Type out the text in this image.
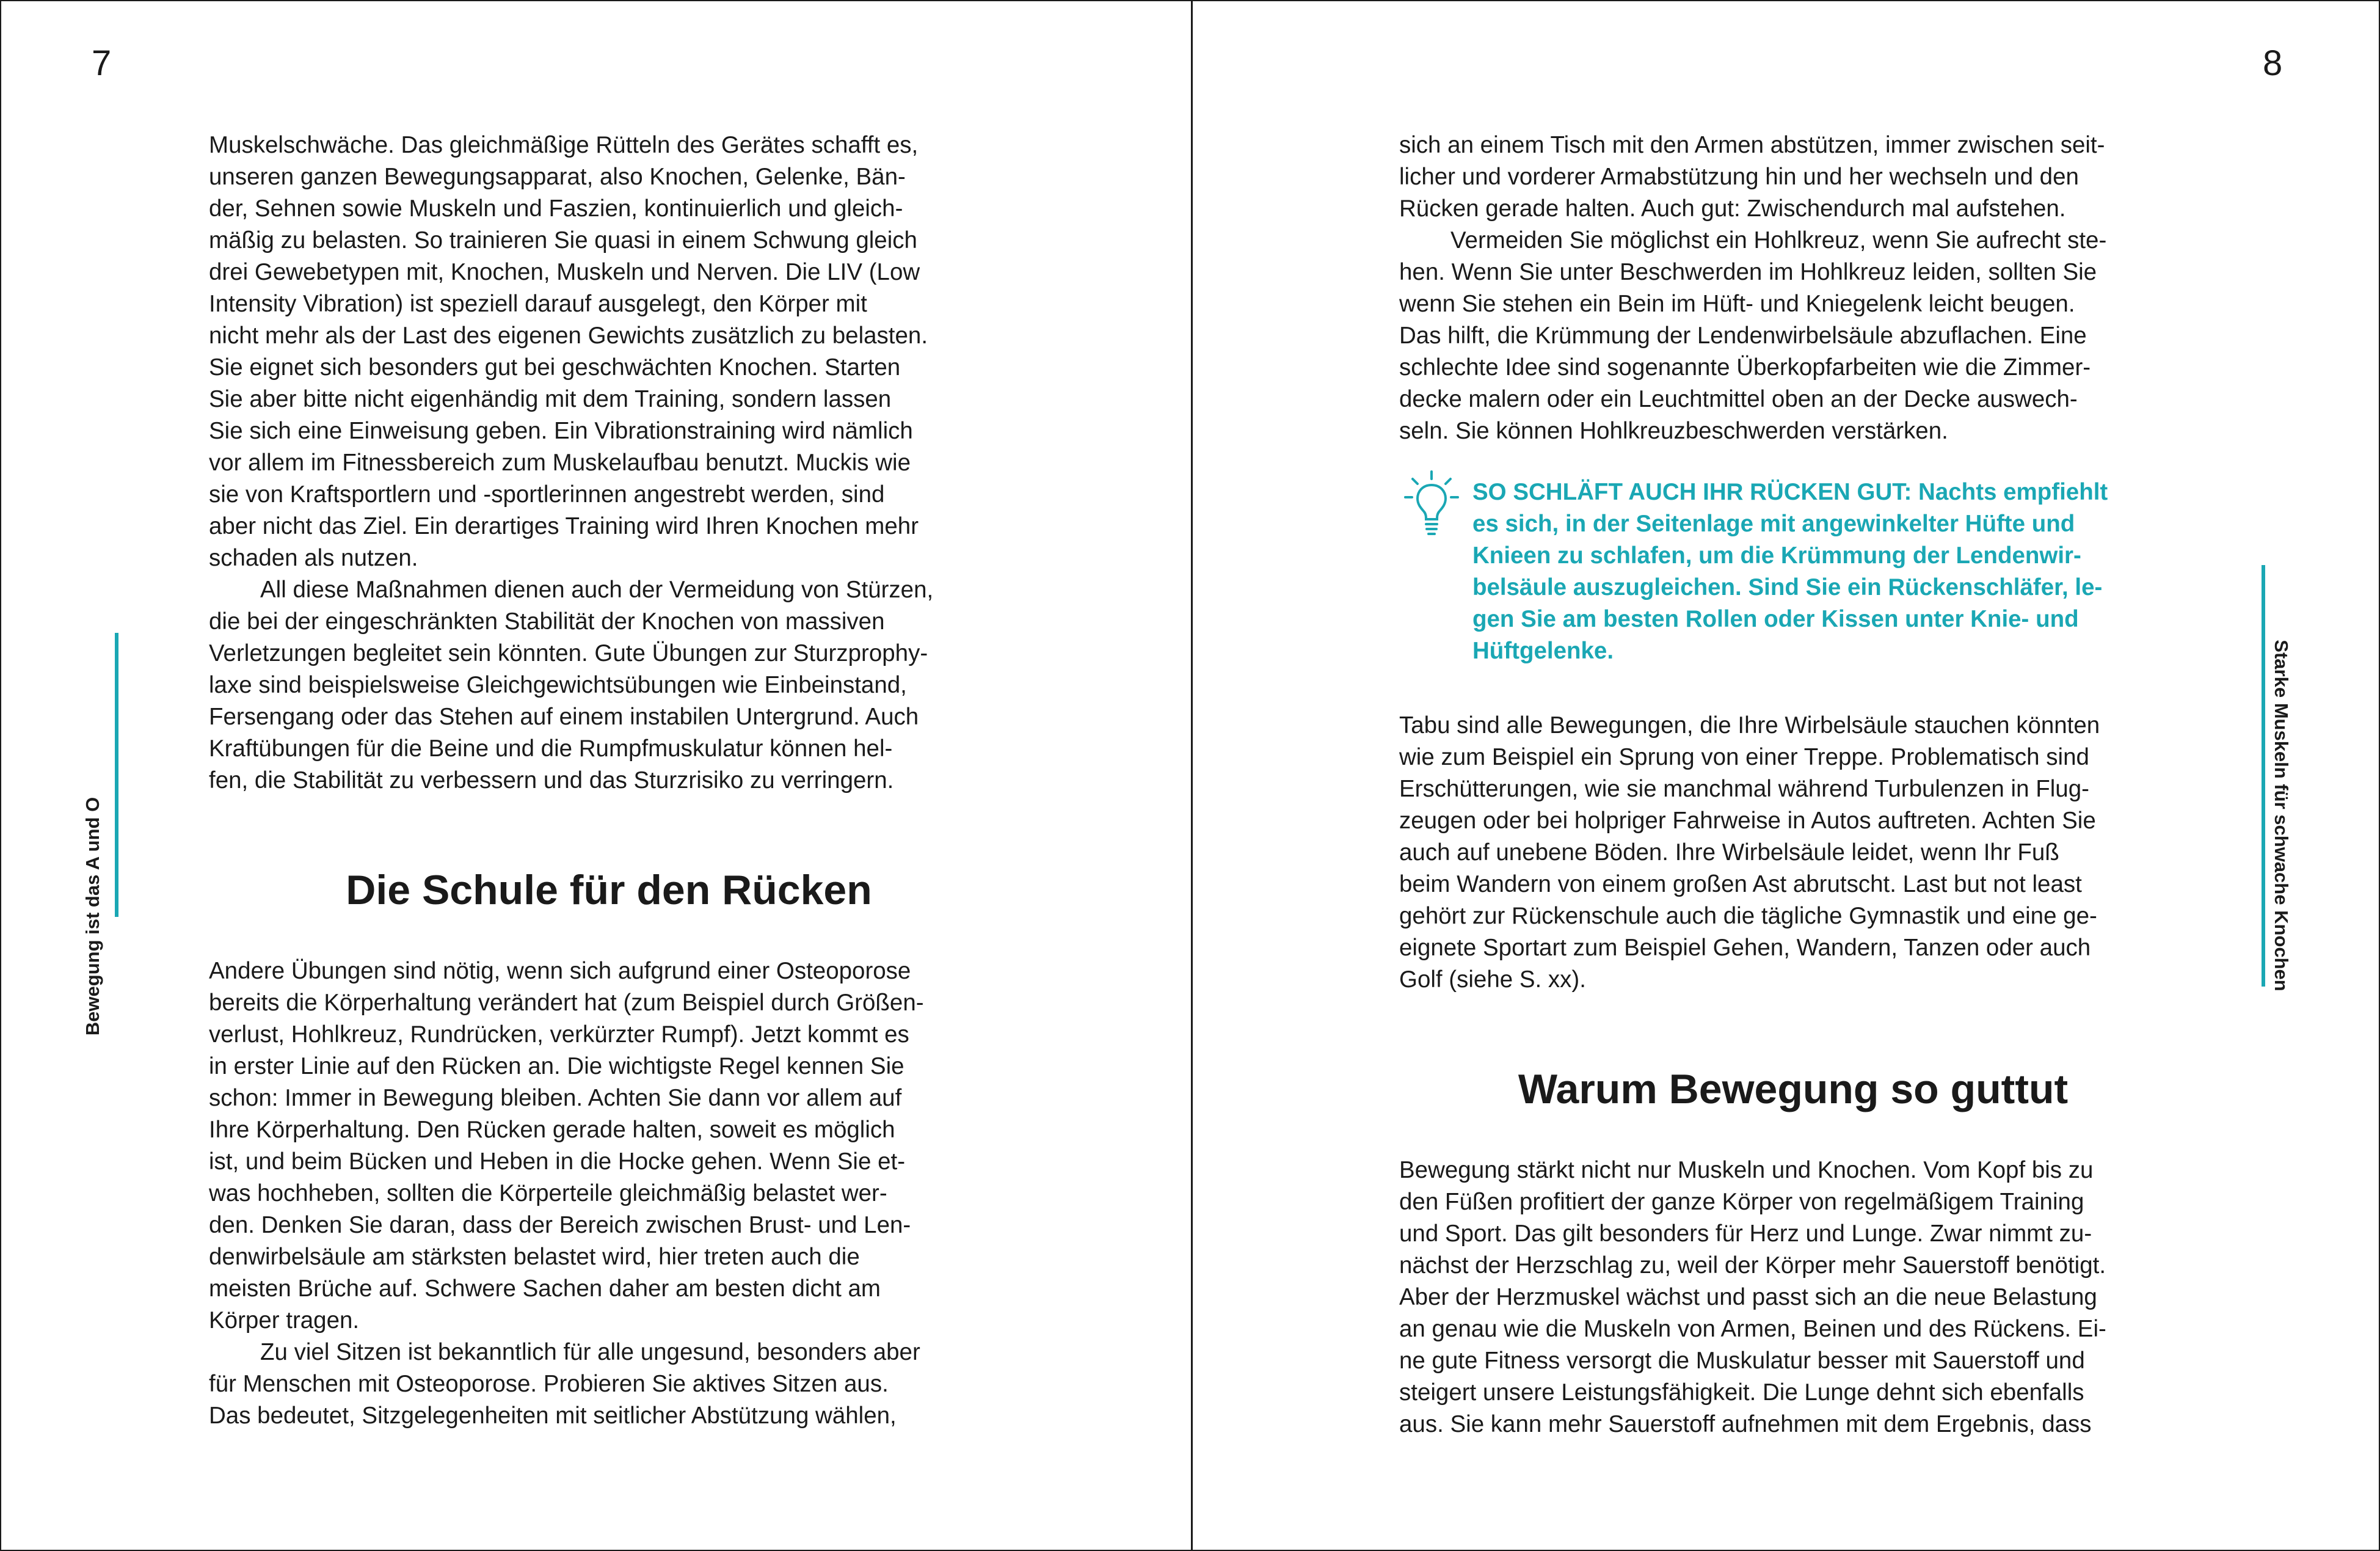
7
Bewegung ist das A und O

Muskelschwäche. Das gleichmäßige Rütteln des Gerätes schafft es,
unseren ganzen Bewegungsapparat, also Knochen, Gelenke, Bän-
der, Sehnen sowie Muskeln und Faszien, kontinuierlich und gleich-
mäßig zu belasten. So trainieren Sie quasi in einem Schwung gleich
drei Gewebetypen mit, Knochen, Muskeln und Nerven. Die LIV (Low
Intensity Vibration) ist speziell darauf ausgelegt, den Körper mit
nicht mehr als der Last des eigenen Gewichts zusätzlich zu belasten.
Sie eignet sich besonders gut bei geschwächten Knochen. Starten
Sie aber bitte nicht eigenhändig mit dem Training, sondern lassen
Sie sich eine Einweisung geben. Ein Vibrationstraining wird nämlich
vor allem im Fitnessbereich zum Muskelaufbau benutzt. Muckis wie
sie von Kraftsportlern und -sportlerinnen angestrebt werden, sind
aber nicht das Ziel. Ein derartiges Training wird Ihren Knochen mehr
schaden als nutzen.

All diese Maßnahmen dienen auch der Vermeidung von Stürzen,
die bei der eingeschränkten Stabilität der Knochen von massiven
Verletzungen begleitet sein könnten. Gute Übungen zur Sturzprophy-
laxe sind beispielsweise Gleichgewichtsübungen wie Einbeinstand,
Fersengang oder das Stehen auf einem instabilen Untergrund. Auch
Kraftübungen für die Beine und die Rumpfmuskulatur können hel-
fen, die Stabilität zu verbessern und das Sturzrisiko zu verringern.

Die Schule für den Rücken

Andere Übungen sind nötig, wenn sich aufgrund einer Osteoporose
bereits die Körperhaltung verändert hat (zum Beispiel durch Größen-
verlust, Hohlkreuz, Rundrücken, verkürzter Rumpf). Jetzt kommt es
in erster Linie auf den Rücken an. Die wichtigste Regel kennen Sie
schon: Immer in Bewegung bleiben. Achten Sie dann vor allem auf
Ihre Körperhaltung. Den Rücken gerade halten, soweit es möglich
ist, und beim Bücken und Heben in die Hocke gehen. Wenn Sie et-
was hochheben, sollten die Körperteile gleichmäßig belastet wer-
den. Denken Sie daran, dass der Bereich zwischen Brust- und Len-
denwirbelsäule am stärksten belastet wird, hier treten auch die
meisten Brüche auf. Schwere Sachen daher am besten dicht am
Körper tragen.

Zu viel Sitzen ist bekanntlich für alle ungesund, besonders aber
für Menschen mit Osteoporose. Probieren Sie aktives Sitzen aus.
Das bedeutet, Sitzgelegenheiten mit seitlicher Abstützung wählen,

8
Starke Muskeln für schwache Knochen

sich an einem Tisch mit den Armen abstützen, immer zwischen seit-
licher und vorderer Armabstützung hin und her wechseln und den
Rücken gerade halten. Auch gut: Zwischendurch mal aufstehen.

Vermeiden Sie möglichst ein Hohlkreuz, wenn Sie aufrecht ste-
hen. Wenn Sie unter Beschwerden im Hohlkreuz leiden, sollten Sie
wenn Sie stehen ein Bein im Hüft- und Kniegelenk leicht beugen.
Das hilft, die Krümmung der Lendenwirbelsäule abzuflachen. Eine
schlechte Idee sind sogenannte Überkopfarbeiten wie die Zimmer-
decke malern oder ein Leuchtmittel oben an der Decke auswech-
seln. Sie können Hohlkreuzbeschwerden verstärken.

SO SCHLÄFT AUCH IHR RÜCKEN GUT: Nachts empfiehlt
es sich, in der Seitenlage mit angewinkelter Hüfte und
Knieen zu schlafen, um die Krümmung der Lendenwir-
belsäule auszugleichen. Sind Sie ein Rückenschläfer, le-
gen Sie am besten Rollen oder Kissen unter Knie- und
Hüftgelenke.

Tabu sind alle Bewegungen, die Ihre Wirbelsäule stauchen könnten
wie zum Beispiel ein Sprung von einer Treppe. Problematisch sind
Erschütterungen, wie sie manchmal während Turbulenzen in Flug-
zeugen oder bei holpriger Fahrweise in Autos auftreten. Achten Sie
auch auf unebene Böden. Ihre Wirbelsäule leidet, wenn Ihr Fuß
beim Wandern von einem großen Ast abrutscht. Last but not least
gehört zur Rückenschule auch die tägliche Gymnastik und eine ge-
eignete Sportart zum Beispiel Gehen, Wandern, Tanzen oder auch
Golf (siehe S. xx).

Warum Bewegung so guttut

Bewegung stärkt nicht nur Muskeln und Knochen. Vom Kopf bis zu
den Füßen profitiert der ganze Körper von regelmäßigem Training
und Sport. Das gilt besonders für Herz und Lunge. Zwar nimmt zu-
nächst der Herzschlag zu, weil der Körper mehr Sauerstoff benötigt.
Aber der Herzmuskel wächst und passt sich an die neue Belastung
an genau wie die Muskeln von Armen, Beinen und des Rückens. Ei-
ne gute Fitness versorgt die Muskulatur besser mit Sauerstoff und
steigert unsere Leistungsfähigkeit. Die Lunge dehnt sich ebenfalls
aus. Sie kann mehr Sauerstoff aufnehmen mit dem Ergebnis, dass
